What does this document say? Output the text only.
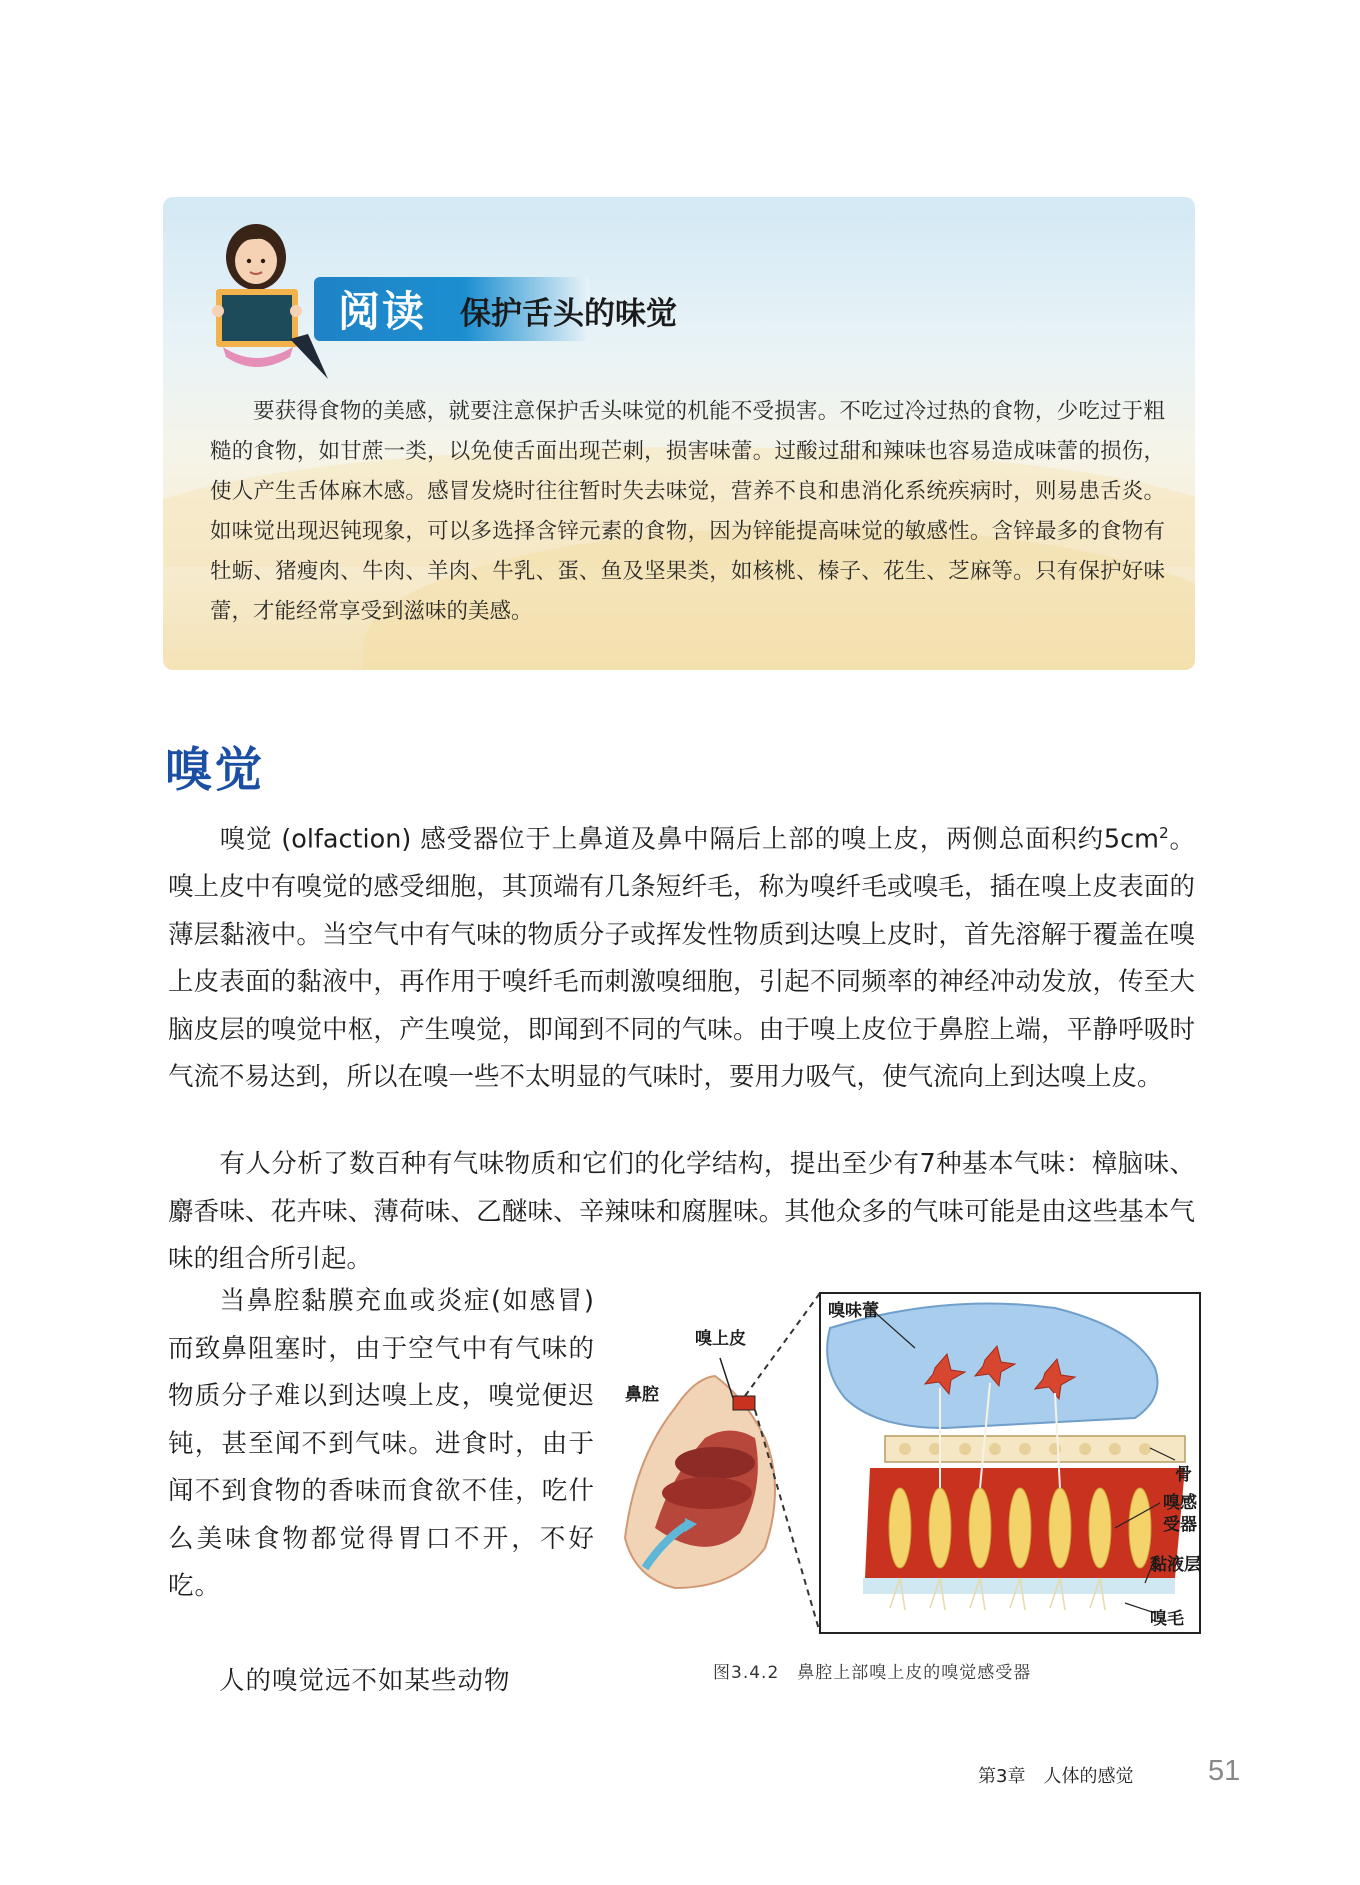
阅读	保护舌头的味觉
要获得食物的美感，就要注意保护舌头味觉的机能不受损害。不吃过冷过热的食物，少吃过于粗糙的食物，如甘蔗一类，以免使舌面出现芒刺，损害味蕾。过酸过甜和辣味也容易造成味蕾的损伤，使人产生舌体麻木感。感冒发烧时往往暂时失去味觉，营养不良和患消化系统疾病时，则易患舌炎。如味觉出现迟钝现象，可以多选择含锌元素的食物，因为锌能提高味觉的敏感性。含锌最多的食物有牡蛎、猪瘦肉、牛肉、羊肉、牛乳、蛋、鱼及坚果类，如核桃、榛子、花生、芝麻等。只有保护好味蕾，才能经常享受到滋味的美感。
嗅觉
嗅觉 (olfaction) 感受器位于上鼻道及鼻中隔后上部的嗅上皮，两侧总面积约$5cm^2$。嗅上皮中有嗅觉的感受细胞，其顶端有几条短纤毛，称为嗅纤毛或嗅毛，插在嗅上皮表面的薄层黏液中。当空气中有气味的物质分子或挥发性物质到达嗅上皮时，首先溶解于覆盖在嗅上皮表面的黏液中，再作用于嗅纤毛而刺激嗅细胞，引起不同频率的神经冲动发放，传至大脑皮层的嗅觉中枢，产生嗅觉，即闻到不同的气味。由于嗅上皮位于鼻腔上端，平静呼吸时气流不易达到，所以在嗅一些不太明显的气味时，要用力吸气，使气流向上到达嗅上皮。
有人分析了数百种有气味物质和它们的化学结构，提出至少有7种基本气味：樟脑味、麝香味、花卉味、薄荷味、乙醚味、辛辣味和腐腥味。其他众多的气味可能是由这些基本气味的组合所引起。
当鼻腔黏膜充血或炎症(如感冒)而致鼻阻塞时，由于空气中有气味的物质分子难以到达嗅上皮，嗅觉便迟钝，甚至闻不到气味。进食时，由于闻不到食物的香味而食欲不佳，吃什么美味食物都觉得胃口不开，不好吃。
人的嗅觉远不如某些动物
嗅味蕾
嗅上皮
鼻腔
骨
嗅感
受器
黏液层
嗅毛
图3.4.2　鼻腔上部嗅上皮的嗅觉感受器
第3章　人体的感觉	51
